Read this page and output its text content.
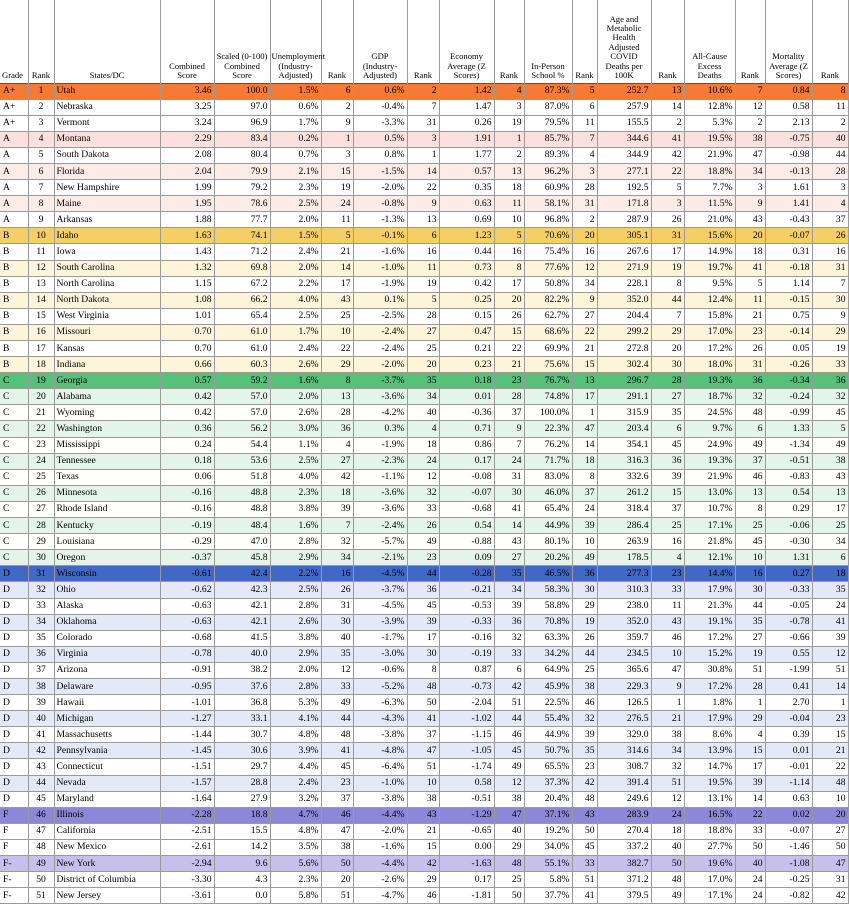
Grade	Rank	States/DC	Combined Score	Scaled (0-100) Combined Score	Unemployment (Industry-Adjusted)	Rank	GDP (Industry-Adjusted)	Rank	Economy Average (Z Scores)	Rank	In-Person School %	Rank	Age and Metabolic Health Adjusted COVID Deaths per 100K	Rank	All-Cause Excess Deaths	Rank	Mortality Average (Z Scores)	Rank
A+	1	Utah	3.46	100.0	1.5%	6	0.6%	2	1.42	4	87.3%	5	252.7	13	10.6%	7	0.84	8
A+	2	Nebraska	3.25	97.0	0.6%	2	-0.4%	7	1.47	3	87.0%	6	257.9	14	12.8%	12	0.58	11
A+	3	Vermont	3.24	96.9	1.7%	9	-3.3%	31	0.26	19	79.5%	11	155.5	2	5.3%	2	2.13	2
A	4	Montana	2.29	83.4	0.2%	1	0.5%	3	1.91	1	85.7%	7	344.6	41	19.5%	38	-0.75	40
A	5	South Dakota	2.08	80.4	0.7%	3	0.8%	1	1.77	2	89.3%	4	344.9	42	21.9%	47	-0.98	44
A	6	Florida	2.04	79.9	2.1%	15	-1.5%	14	0.57	13	96.2%	3	277.1	22	18.8%	34	-0.13	28
A	7	New Hampshire	1.99	79.2	2.3%	19	-2.0%	22	0.35	18	60.9%	28	192.5	5	7.7%	3	1.61	3
A	8	Maine	1.95	78.6	2.5%	24	-0.8%	9	0.63	11	58.1%	31	171.8	3	11.5%	9	1.41	4
A	9	Arkansas	1.88	77.7	2.0%	11	-1.3%	13	0.69	10	96.8%	2	287.9	26	21.0%	43	-0.43	37
B	10	Idaho	1.63	74.1	1.5%	5	-0.1%	6	1.23	5	70.6%	20	305.1	31	15.6%	20	-0.07	26
B	11	Iowa	1.43	71.2	2.4%	21	-1.6%	16	0.44	16	75.4%	16	267.6	17	14.9%	18	0.31	16
B	12	South Carolina	1.32	69.8	2.0%	14	-1.0%	11	0.73	8	77.6%	12	271.9	19	19.7%	41	-0.18	31
B	13	North Carolina	1.15	67.2	2.2%	17	-1.9%	19	0.42	17	50.8%	34	228.1	8	9.5%	5	1.14	7
B	14	North Dakota	1.08	66.2	4.0%	43	0.1%	5	0.25	20	82.2%	9	352.0	44	12.4%	11	-0.15	30
B	15	West Virginia	1.01	65.4	2.5%	25	-2.5%	28	0.15	26	62.7%	27	204.4	7	15.8%	21	0.75	9
B	16	Missouri	0.70	61.0	1.7%	10	-2.4%	27	0.47	15	68.6%	22	299.2	29	17.0%	23	-0.14	29
B	17	Kansas	0.70	61.0	2.4%	22	-2.4%	25	0.21	22	69.9%	21	272.8	20	17.2%	26	0.05	19
B	18	Indiana	0.66	60.3	2.6%	29	-2.0%	20	0.23	21	75.6%	15	302.4	30	18.0%	31	-0.26	33
C	19	Georgia	0.57	59.2	1.6%	8	-3.7%	35	0.18	23	76.7%	13	296.7	28	19.3%	36	-0.34	36
C	20	Alabama	0.42	57.0	2.0%	13	-3.6%	34	0.01	28	74.8%	17	291.1	27	18.7%	32	-0.24	32
C	21	Wyoming	0.42	57.0	2.6%	28	-4.2%	40	-0.36	37	100.0%	1	315.9	35	24.5%	48	-0.99	45
C	22	Washington	0.36	56.2	3.0%	36	0.3%	4	0.71	9	22.3%	47	203.4	6	9.7%	6	1.33	5
C	23	Mississippi	0.24	54.4	1.1%	4	-1.9%	18	0.86	7	76.2%	14	354.1	45	24.9%	49	-1.34	49
C	24	Tennessee	0.18	53.6	2.5%	27	-2.3%	24	0.17	24	71.7%	18	316.3	36	19.3%	37	-0.51	38
C	25	Texas	0.06	51.8	4.0%	42	-1.1%	12	-0.08	31	83.0%	8	332.6	39	21.9%	46	-0.83	43
C	26	Minnesota	-0.16	48.8	2.3%	18	-3.6%	32	-0.07	30	46.0%	37	261.2	15	13.0%	13	0.54	13
C	27	Rhode Island	-0.16	48.8	3.8%	39	-3.6%	33	-0.68	41	65.4%	24	318.4	37	10.7%	8	0.29	17
C	28	Kentucky	-0.19	48.4	1.6%	7	-2.4%	26	0.54	14	44.9%	39	286.4	25	17.1%	25	-0.06	25
C	29	Louisiana	-0.29	47.0	2.8%	32	-5.7%	49	-0.88	43	80.1%	10	263.9	16	21.8%	45	-0.30	34
C	30	Oregon	-0.37	45.8	2.9%	34	-2.1%	23	0.09	27	20.2%	49	178.5	4	12.1%	10	1.31	6
D	31	Wisconsin	-0.61	42.4	2.2%	16	-4.5%	44	-0.28	35	46.5%	36	277.3	23	14.4%	16	0.27	18
D	32	Ohio	-0.62	42.3	2.5%	26	-3.7%	36	-0.21	34	58.3%	30	310.3	33	17.9%	30	-0.33	35
D	33	Alaska	-0.63	42.1	2.8%	31	-4.5%	45	-0.53	39	58.8%	29	238.0	11	21.3%	44	-0.05	24
D	34	Oklahoma	-0.63	42.1	2.6%	30	-3.9%	39	-0.33	36	70.8%	19	352.0	43	19.1%	35	-0.78	41
D	35	Colorado	-0.68	41.5	3.8%	40	-1.7%	17	-0.16	32	63.3%	26	359.7	46	17.2%	27	-0.66	39
D	36	Virginia	-0.78	40.0	2.9%	35	-3.0%	30	-0.19	33	34.2%	44	234.5	10	15.2%	19	0.55	12
D	37	Arizona	-0.91	38.2	2.0%	12	-0.6%	8	0.87	6	64.9%	25	365.6	47	30.8%	51	-1.99	51
D	38	Delaware	-0.95	37.6	2.8%	33	-5.2%	48	-0.73	42	45.9%	38	229.3	9	17.2%	28	0.41	14
D	39	Hawaii	-1.01	36.8	5.3%	49	-6.3%	50	-2.04	51	22.5%	46	126.5	1	1.8%	1	2.70	1
D	40	Michigan	-1.27	33.1	4.1%	44	-4.3%	41	-1.02	44	55.4%	32	276.5	21	17.9%	29	-0.04	23
D	41	Massachusetts	-1.44	30.7	4.8%	48	-3.8%	37	-1.15	46	44.9%	39	329.0	38	8.6%	4	0.39	15
D	42	Pennsylvania	-1.45	30.6	3.9%	41	-4.8%	47	-1.05	45	50.7%	35	314.6	34	13.9%	15	0.01	21
D	43	Connecticut	-1.51	29.7	4.4%	45	-6.4%	51	-1.74	49	65.5%	23	308.7	32	14.7%	17	-0.01	22
D	44	Nevada	-1.57	28.8	2.4%	23	-1.0%	10	0.58	12	37.3%	42	391.4	51	19.5%	39	-1.14	48
D	45	Maryland	-1.64	27.9	3.2%	37	-3.8%	38	-0.51	38	20.4%	48	249.6	12	13.1%	14	0.63	10
F	46	Illinois	-2.28	18.8	4.7%	46	-4.4%	43	-1.29	47	37.1%	43	283.9	24	16.5%	22	0.02	20
F	47	California	-2.51	15.5	4.8%	47	-2.0%	21	-0.65	40	19.2%	50	270.4	18	18.8%	33	-0.07	27
F	48	New Mexico	-2.61	14.2	3.5%	38	-1.6%	15	0.00	29	34.0%	45	337.2	40	27.7%	50	-1.46	50
F-	49	New York	-2.94	9.6	5.6%	50	-4.4%	42	-1.63	48	55.1%	33	382.7	50	19.6%	40	-1.08	47
F-	50	District of Columbia	-3.30	4.3	2.3%	20	-2.6%	29	0.17	25	5.8%	51	371.2	48	17.0%	24	-0.25	31
F-	51	New Jersey	-3.61	0.0	5.8%	51	-4.7%	46	-1.81	50	37.7%	41	379.5	49	17.1%	24	-0.82	42
